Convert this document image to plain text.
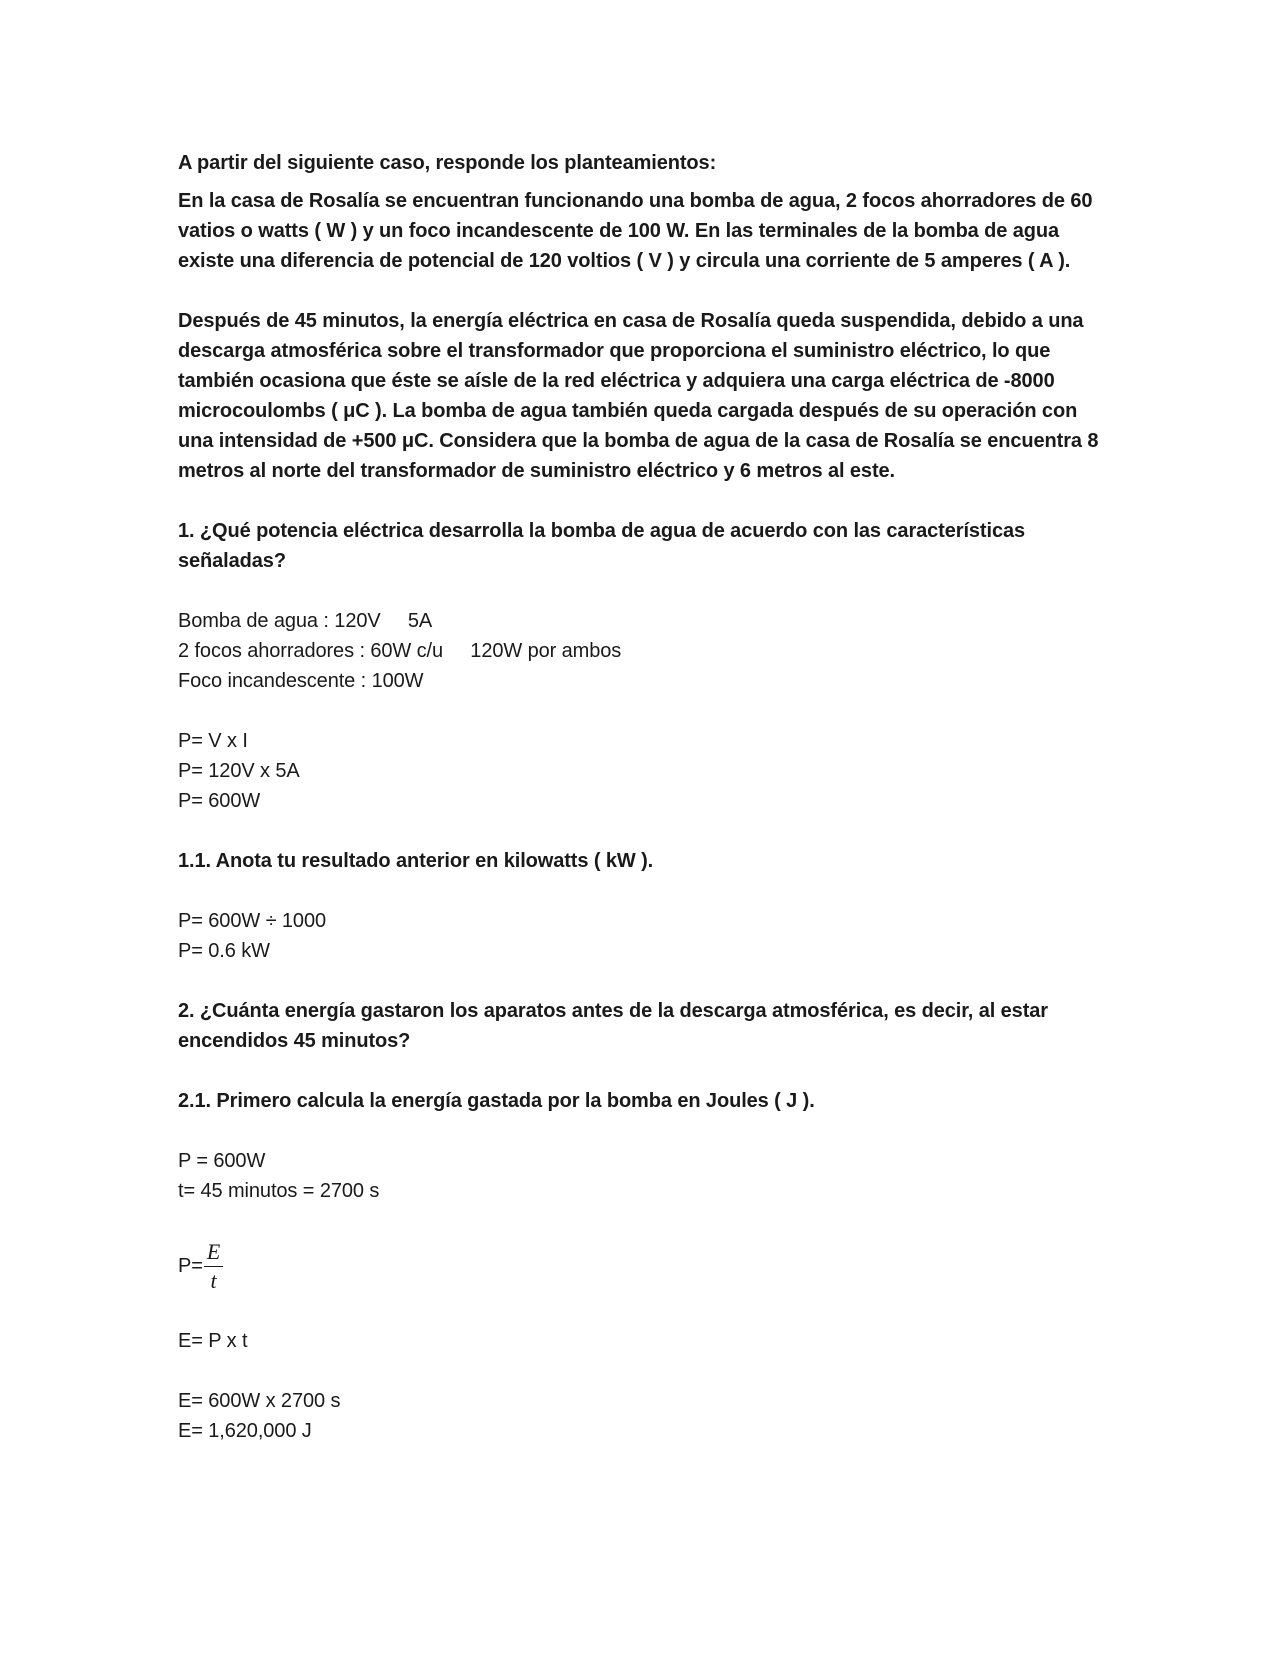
A partir del siguiente caso, responde los planteamientos:

En la casa de Rosalía se encuentran funcionando una bomba de agua, 2 focos ahorradores de 60 vatios o watts ( W ) y un foco incandescente de 100 W. En las terminales de la bomba de agua existe una diferencia de potencial de 120 voltios ( V ) y circula una corriente de 5 amperes ( A ).

Después de 45 minutos, la energía eléctrica en casa de Rosalía queda suspendida, debido a una descarga atmosférica sobre el transformador que proporciona el suministro eléctrico, lo que también ocasiona que éste se aísle de la red eléctrica y adquiera una carga eléctrica de -8000 microcoulombs ( μC ). La bomba de agua también queda cargada después de su operación con una intensidad de +500 μC. Considera que la bomba de agua de la casa de Rosalía se encuentra 8 metros al norte del transformador de suministro eléctrico y 6 metros al este.

1. ¿Qué potencia eléctrica desarrolla la bomba de agua de acuerdo con las características señaladas?

Bomba de agua : 120V     5A
2 focos ahorradores : 60W c/u     120W por ambos
Foco incandescente : 100W
P= V x I
P= 120V x 5A
P= 600W

1.1. Anota tu resultado anterior en kilowatts ( kW ).

P= 600W ÷ 1000
P= 0.6 kW

2. ¿Cuánta energía gastaron los aparatos antes de la descarga atmosférica, es decir, al estar encendidos 45 minutos?

2.1. Primero calcula la energía gastada por la bomba en Joules ( J ).

P = 600W
t= 45 minutos = 2700 s
$P= \frac{E}{t}$

E= P x t

E= 600W x 2700 s
E= 1,620,000 J
